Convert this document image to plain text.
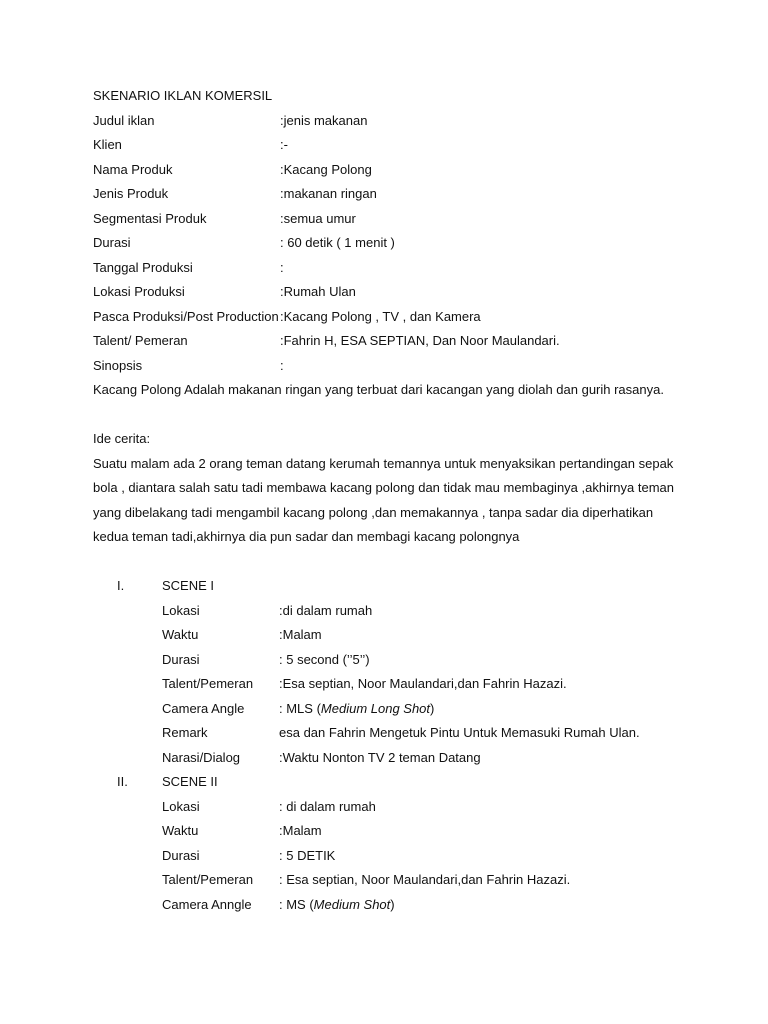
SKENARIO IKLAN KOMERSIL
Judul iklan	:jenis makanan
Klien	:-
Nama Produk	:Kacang Polong
Jenis Produk	:makanan ringan
Segmentasi Produk	:semua umur
Durasi	: 60 detik ( 1 menit )
Tanggal Produksi	:
Lokasi Produksi	:Rumah Ulan
Pasca Produksi/Post Production :Kacang Polong , TV , dan Kamera
Talent/ Pemeran	:Fahrin H, ESA SEPTIAN, Dan Noor Maulandari.
Sinopsis	:
Kacang Polong Adalah makanan ringan yang terbuat dari kacangan yang diolah dan gurih rasanya.
Ide cerita:
Suatu malam ada 2 orang teman datang kerumah temannya untuk menyaksikan pertandingan sepak
bola , diantara salah satu tadi membawa kacang polong dan tidak mau membaginya ,akhirnya teman
yang dibelakang tadi mengambil kacang polong ,dan memakannya , tanpa sadar dia diperhatikan
kedua teman tadi,akhirnya dia pun sadar dan membagi kacang polongnya
I.	SCENE I
Lokasi	:di dalam rumah
Waktu	:Malam
Durasi	: 5 second (’’5’’)
Talent/Pemeran :Esa septian, Noor Maulandari,dan Fahrin Hazazi.
Camera Angle	: MLS (Medium Long Shot)
Remark	esa dan Fahrin Mengetuk Pintu Untuk Memasuki Rumah Ulan.
Narasi/Dialog	:Waktu Nonton TV 2 teman Datang
II.	SCENE II
Lokasi	: di dalam rumah
Waktu	:Malam
Durasi	: 5 DETIK
Talent/Pemeran : Esa septian, Noor Maulandari,dan Fahrin Hazazi.
Camera Anngle : MS (Medium Shot)
